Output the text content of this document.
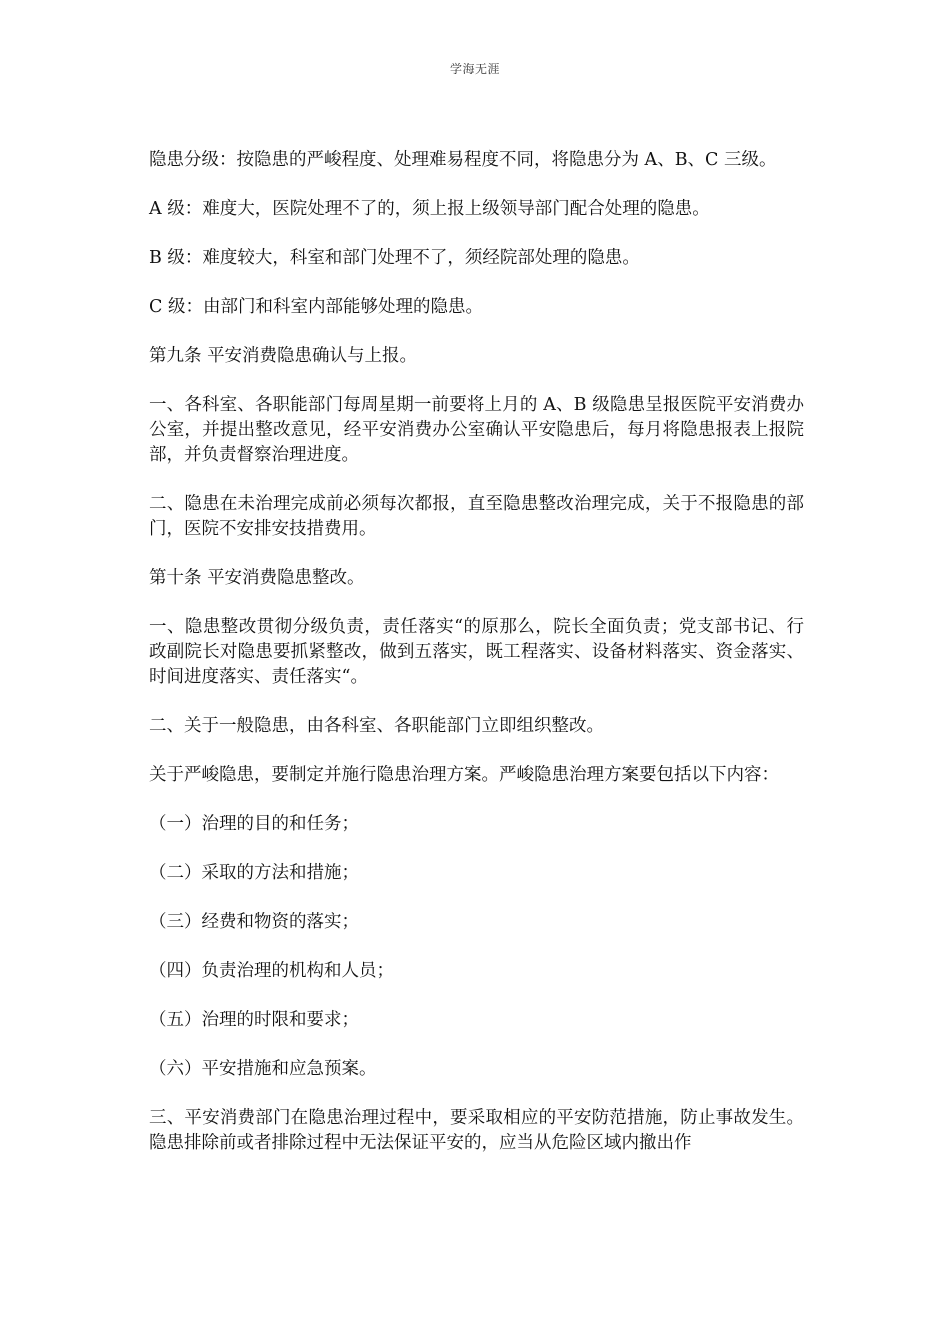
学海无涯

隐患分级：按隐患的严峻程度、处理难易程度不同，将隐患分为 A、B、C 三级。

A 级：难度大，医院处理不了的，须上报上级领导部门配合处理的隐患。

B 级：难度较大，科室和部门处理不了，须经院部处理的隐患。

C 级：由部门和科室内部能够处理的隐患。

第九条 平安消费隐患确认与上报。

一、各科室、各职能部门每周星期一前要将上月的 A、B 级隐患呈报医院平安消费办公室，并提出整改意见，经平安消费办公室确认平安隐患后，每月将隐患报表上报院部，并负责督察治理进度。

二、隐患在未治理完成前必须每次都报，直至隐患整改治理完成，关于不报隐患的部门，医院不安排安技措费用。

第十条 平安消费隐患整改。

一、隐患整改贯彻分级负责，责任落实“的原那么，院长全面负责；党支部书记、行政副院长对隐患要抓紧整改，做到五落实，既工程落实、设备材料落实、资金落实、时间进度落实、责任落实“。

二、关于一般隐患，由各科室、各职能部门立即组织整改。

关于严峻隐患，要制定并施行隐患治理方案。严峻隐患治理方案要包括以下内容：

（一）治理的目的和任务；

（二）采取的方法和措施；

（三）经费和物资的落实；

（四）负责治理的机构和人员；

（五）治理的时限和要求；

（六）平安措施和应急预案。

三、平安消费部门在隐患治理过程中，要采取相应的平安防范措施，防止事故发生。隐患排除前或者排除过程中无法保证平安的，应当从危险区域内撤出作
